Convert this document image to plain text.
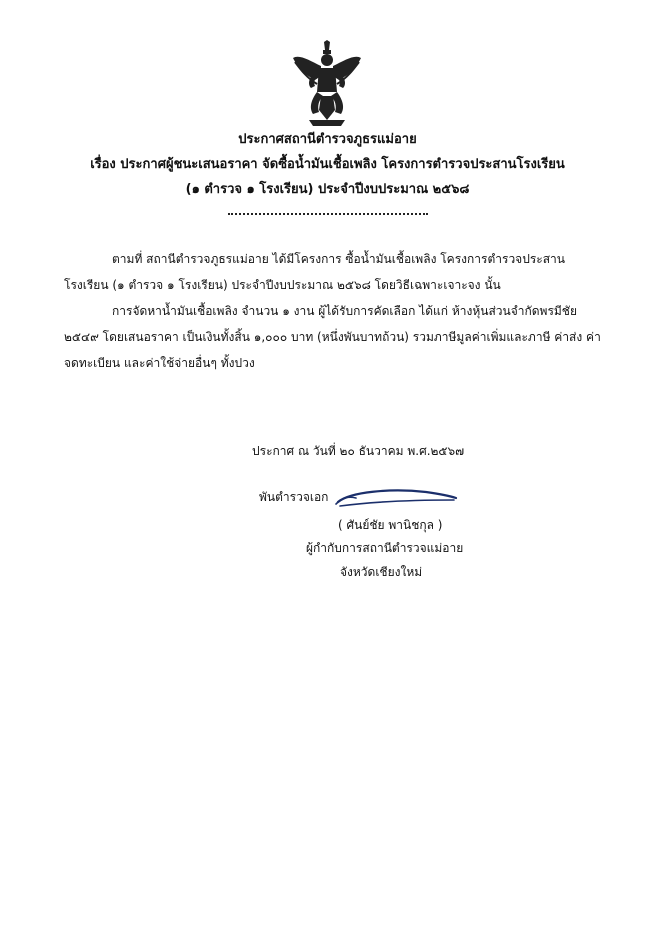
ประกาศสถานีตำรวจภูธรแม่อาย
เรื่อง ประกาศผู้ชนะเสนอราคา จัดซื้อน้ำมันเชื้อเพลิง โครงการตำรวจประสานโรงเรียน
(๑ ตำรวจ ๑ โรงเรียน) ประจำปีงบประมาณ ๒๕๖๘
ตามที่ สถานีตำรวจภูธรแม่อาย ได้มีโครงการ ซื้อน้ำมันเชื้อเพลิง โครงการตำรวจประสานโรงเรียน (๑ ตำรวจ ๑ โรงเรียน) ประจำปีงบประมาณ ๒๕๖๘ โดยวิธีเฉพาะเจาะจง นั้น
การจัดหาน้ำมันเชื้อเพลิง จำนวน ๑ งาน ผู้ได้รับการคัดเลือก ได้แก่ ห้างหุ้นส่วนจำกัดพรมีชัย ๒๕๔๙ โดยเสนอราคา เป็นเงินทั้งสิ้น ๑,๐๐๐ บาท (หนึ่งพันบาทถ้วน) รวมภาษีมูลค่าเพิ่มและภาษี ค่าส่ง ค่าจดทะเบียน และค่าใช้จ่ายอื่นๆ ทั้งปวง
ประกาศ ณ วันที่ ๒๐ ธันวาคม พ.ศ.๒๕๖๗
พันตำรวจเอก
( ศันย์ชัย พานิชกุล )
ผู้กำกับการสถานีตำรวจแม่อาย
จังหวัดเชียงใหม่
